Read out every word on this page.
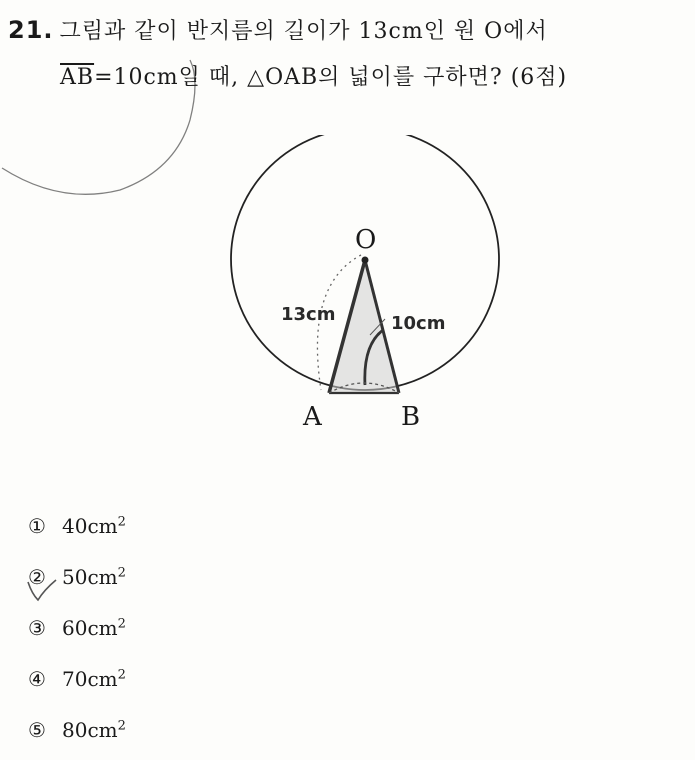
21. 그림과 같이 반지름의 길이가 13cm인 원 O에서
$\overline{AB}=10cm$일 때, △OAB의 넓이를 구하면? (6점)
O
13cm	10cm
A	B
① $40cm^2$
② $50cm^2$
③ $60cm^2$
④ $70cm^2$
⑤ $80cm^2$
